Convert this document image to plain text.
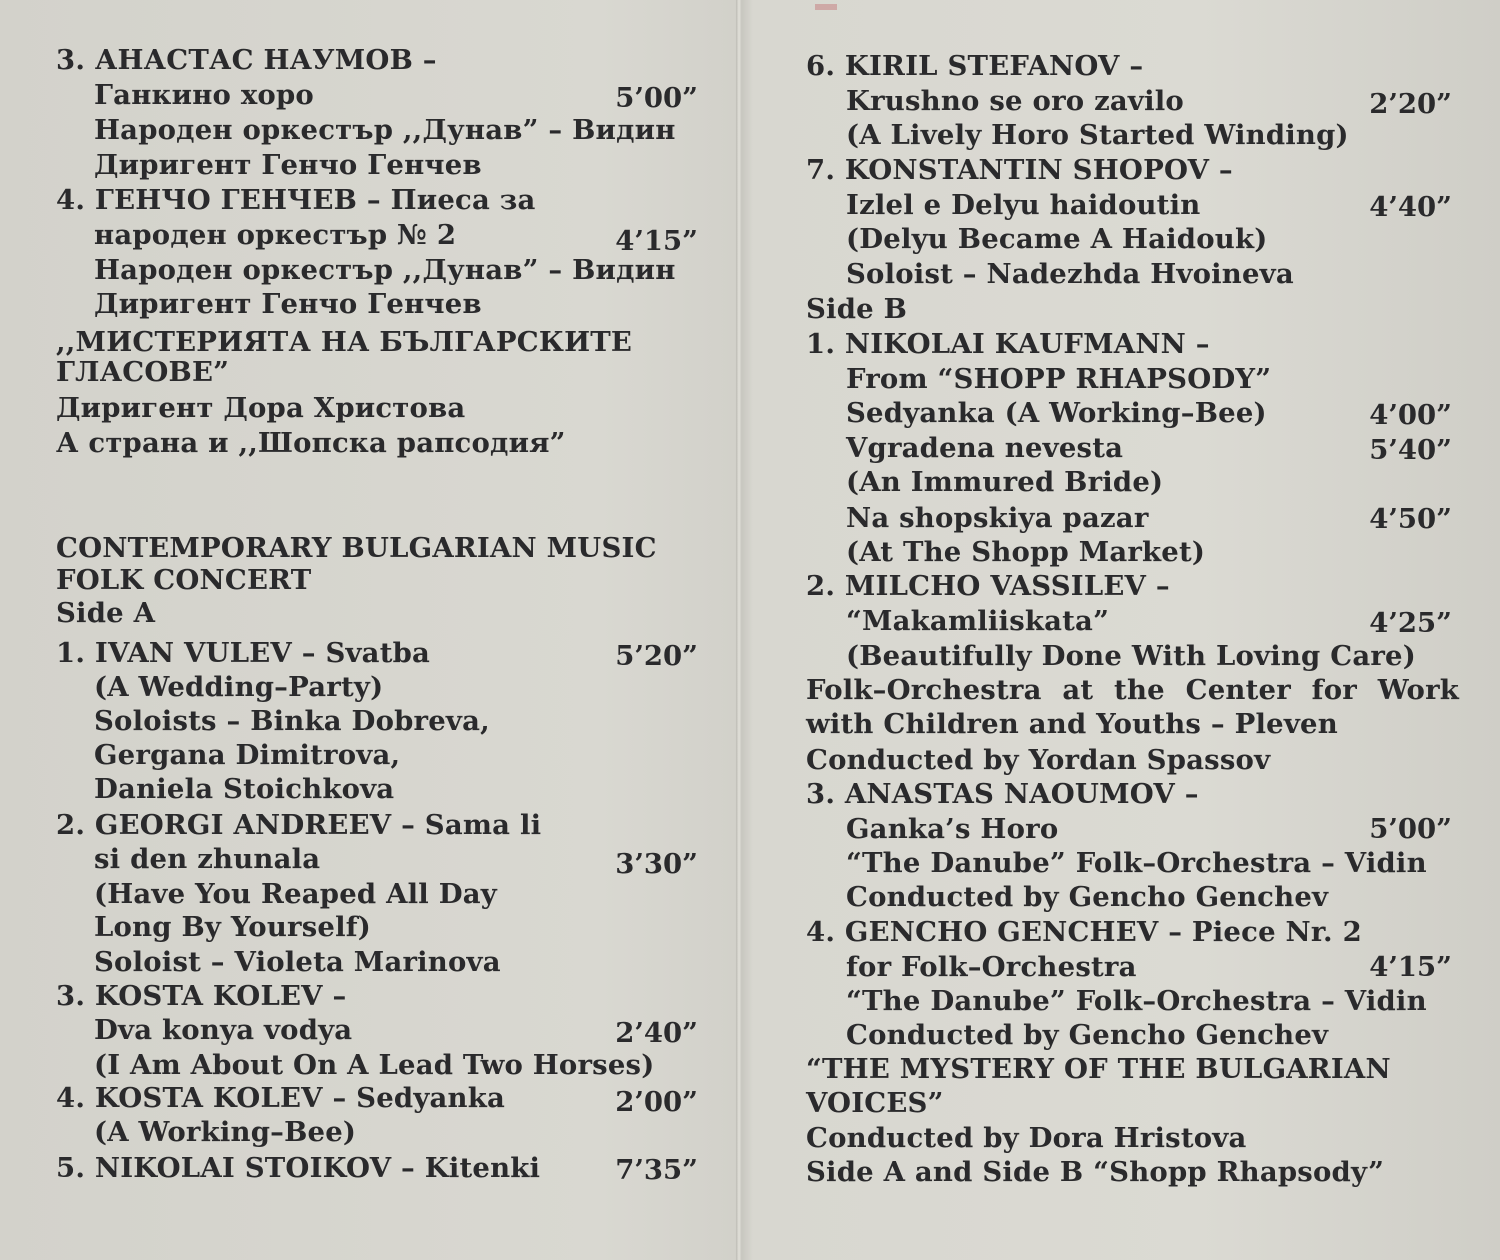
3. АНАСТАС НАУМОВ –
Ганкино хоро
Народен оркестър ,,Дунав” – Видин
Диригент Генчо Генчев
4. ГЕНЧО ГЕНЧЕВ – Пиеса за
народен оркестър № 2
Народен оркестър ,,Дунав” – Видин
Диригент Генчо Генчев
,,МИСТЕРИЯТА НА БЪЛГАРСКИТЕ
ГЛАСОВЕ”
Диригент Дора Христова
А страна и ,,Шопска рапсодия”
CONTEMPORARY BULGARIAN MUSIC
FOLK CONCERT
Side A
1. IVAN VULEV – Svatba
(A Wedding–Party)
Soloists – Binka Dobreva,
Gergana Dimitrova,
Daniela Stoichkova
2. GEORGI ANDREEV – Sama li
si den zhunala
(Have You Reaped All Day
Long By Yourself)
Soloist – Violeta Marinova
3. KOSTA KOLEV –
Dva konya vodya
(I Am About On A Lead Two Horses)
4. KOSTA KOLEV – Sedyanka
(A Working–Bee)
5. NIKOLAI STOIKOV – Kitenki
5’00”
4’15”
5’20”
3’30”
2’40”
2’00”
7’35”
6. KIRIL STEFANOV –
Krushno se oro zavilo
(A Lively Horo Started Winding)
7. KONSTANTIN SHOPOV –
Izlel e Delyu haidoutin
(Delyu Became A Haidouk)
Soloist – Nadezhda Hvoineva
Side B
1. NIKOLAI KAUFMANN –
From “SHOPP RHAPSODY”
Sedyanka (A Working–Bee)
Vgradena nevesta
(An Immured Bride)
Na shopskiya pazar
(At The Shopp Market)
2. MILCHO VASSILEV –
“Makamliiskata”
(Beautifully Done With Loving Care)
Folk–Orchestra at the Center for Work
with Children and Youths – Pleven
Conducted by Yordan Spassov
3. ANASTAS NAOUMOV –
Ganka’s Horo
“The Danube” Folk–Orchestra – Vidin
Conducted by Gencho Genchev
4. GENCHO GENCHEV – Piece Nr. 2
for Folk–Orchestra
“The Danube” Folk–Orchestra – Vidin
Conducted by Gencho Genchev
“THE MYSTERY OF THE BULGARIAN
VOICES”
Conducted by Dora Hristova
Side A and Side B “Shopp Rhapsody”
2’20”
4’40”
4’00”
5’40”
4’50”
4’25”
5’00”
4’15”
